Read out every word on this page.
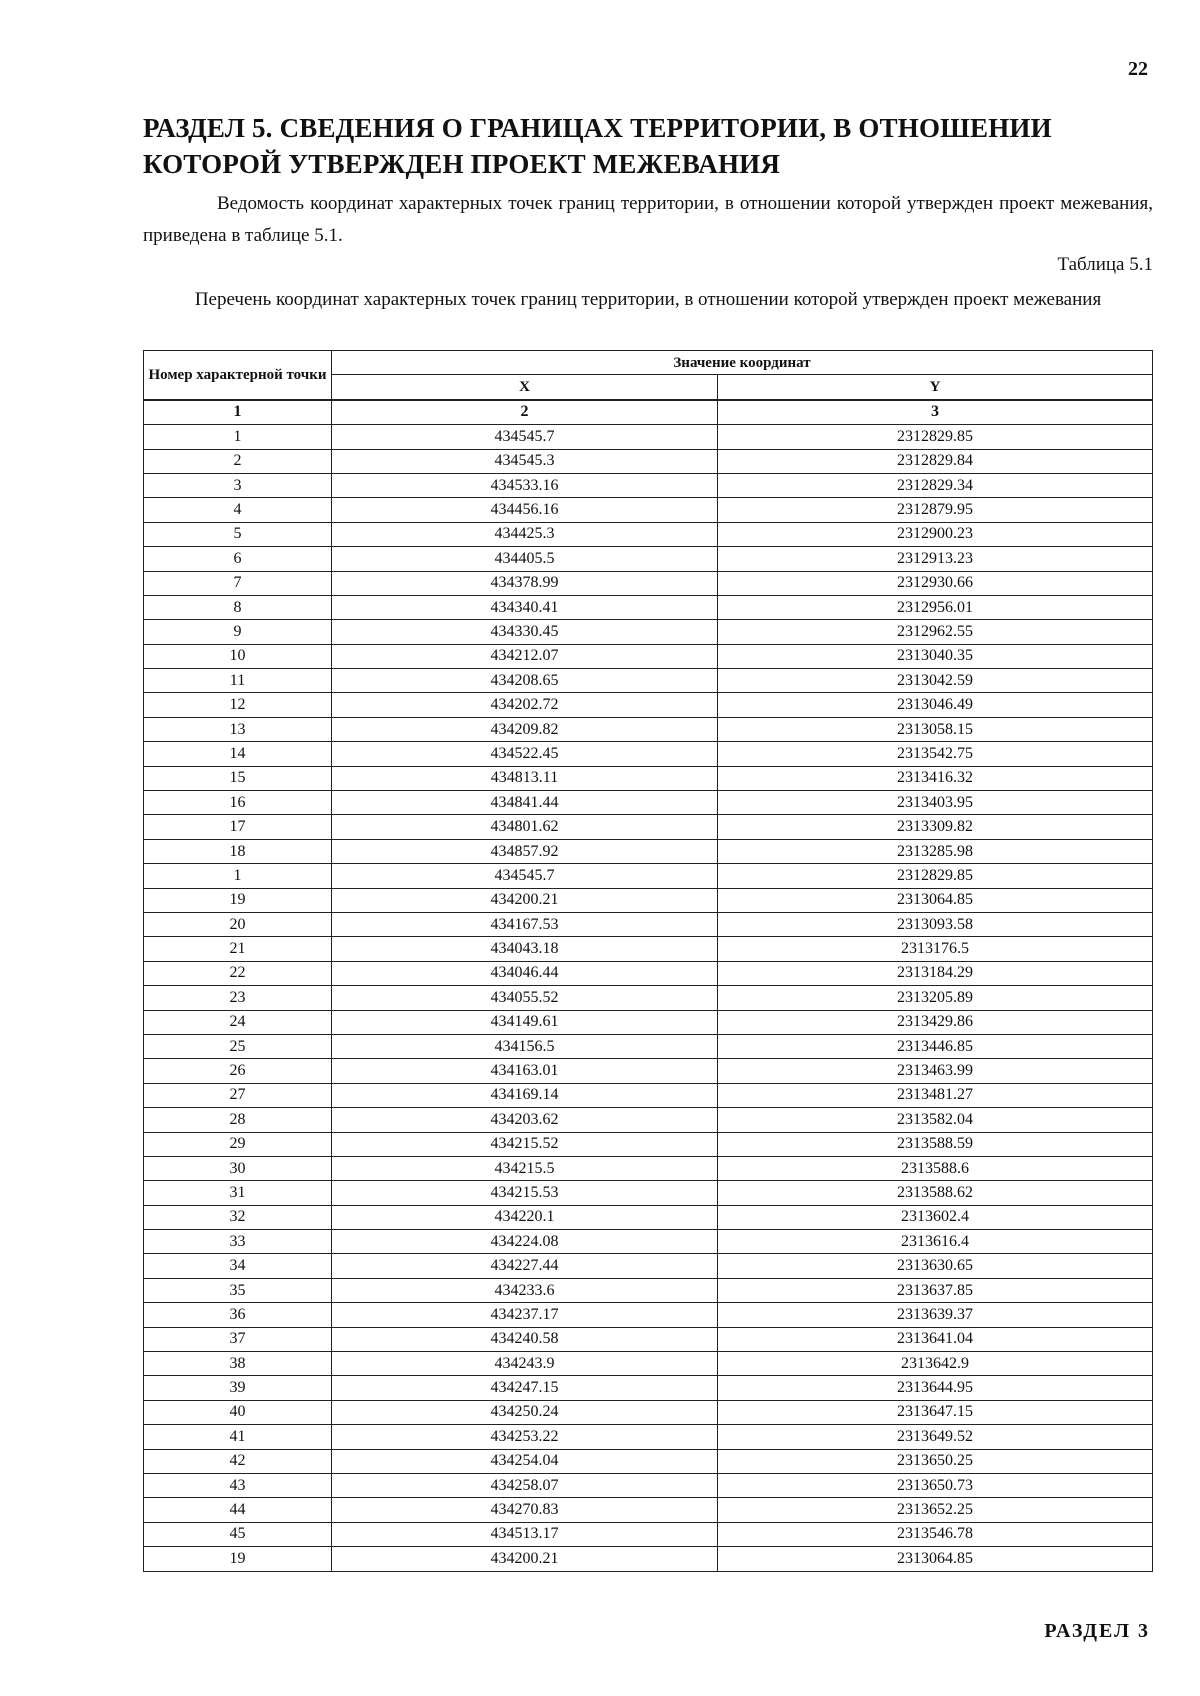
22
РАЗДЕЛ 5. СВЕДЕНИЯ О ГРАНИЦАХ ТЕРРИТОРИИ, В ОТНОШЕНИИ КОТОРОЙ УТВЕРЖДЕН ПРОЕКТ МЕЖЕВАНИЯ

Ведомость координат характерных точек границ территории, в отношении которой утвержден проект межевания, приведена в таблице 5.1.

Таблица 5.1

Перечень координат характерных точек границ территории, в отношении которой утвержден проект межевания

Номер характерной точки	Значение координат	
	X	Y
1	2	3
1	434545.7	2312829.85
2	434545.3	2312829.84
3	434533.16	2312829.34
4	434456.16	2312879.95
5	434425.3	2312900.23
6	434405.5	2312913.23
7	434378.99	2312930.66
8	434340.41	2312956.01
9	434330.45	2312962.55
10	434212.07	2313040.35
11	434208.65	2313042.59
12	434202.72	2313046.49
13	434209.82	2313058.15
14	434522.45	2313542.75
15	434813.11	2313416.32
16	434841.44	2313403.95
17	434801.62	2313309.82
18	434857.92	2313285.98
1	434545.7	2312829.85
19	434200.21	2313064.85
20	434167.53	2313093.58
21	434043.18	2313176.5
22	434046.44	2313184.29
23	434055.52	2313205.89
24	434149.61	2313429.86
25	434156.5	2313446.85
26	434163.01	2313463.99
27	434169.14	2313481.27
28	434203.62	2313582.04
29	434215.52	2313588.59
30	434215.5	2313588.6
31	434215.53	2313588.62
32	434220.1	2313602.4
33	434224.08	2313616.4
34	434227.44	2313630.65
35	434233.6	2313637.85
36	434237.17	2313639.37
37	434240.58	2313641.04
38	434243.9	2313642.9
39	434247.15	2313644.95
40	434250.24	2313647.15
41	434253.22	2313649.52
42	434254.04	2313650.25
43	434258.07	2313650.73
44	434270.83	2313652.25
45	434513.17	2313546.78
19	434200.21	2313064.85
РАЗДЕЛ 3
